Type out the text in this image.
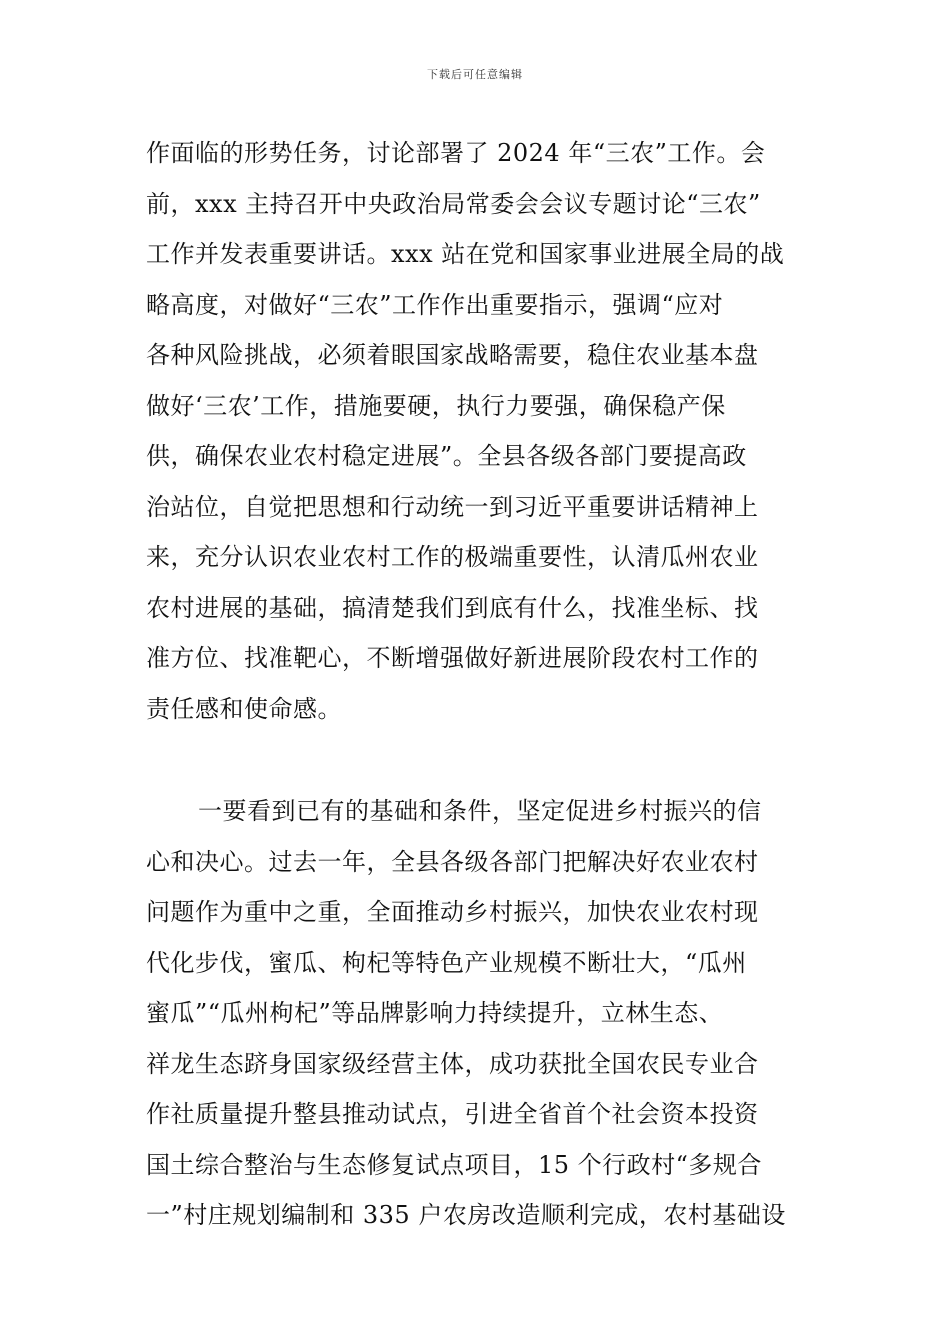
下载后可任意编辑
作面临的形势任务，讨论部署了 2024 年“三农”工作。会
前，xxx 主持召开中央政治局常委会会议专题讨论“三农”
工作并发表重要讲话。xxx 站在党和国家事业进展全局的战
略高度，对做好“三农”工作作出重要指示，强调“应对
各种风险挑战，必须着眼国家战略需要，稳住农业基本盘
做好‘三农’工作，措施要硬，执行力要强，确保稳产保
供，确保农业农村稳定进展”。全县各级各部门要提高政
治站位，自觉把思想和行动统一到习近平重要讲话精神上
来，充分认识农业农村工作的极端重要性，认清瓜州农业
农村进展的基础，搞清楚我们到底有什么，找准坐标、找
准方位、找准靶心，不断增强做好新进展阶段农村工作的
责任感和使命感。
一要看到已有的基础和条件，坚定促进乡村振兴的信
心和决心。过去一年，全县各级各部门把解决好农业农村
问题作为重中之重，全面推动乡村振兴，加快农业农村现
代化步伐，蜜瓜、枸杞等特色产业规模不断壮大，“瓜州
蜜瓜”“瓜州枸杞”等品牌影响力持续提升，立林生态、
祥龙生态跻身国家级经营主体，成功获批全国农民专业合
作社质量提升整县推动试点，引进全省首个社会资本投资
国土综合整治与生态修复试点项目，15 个行政村“多规合
一”村庄规划编制和 335 户农房改造顺利完成，农村基础设
